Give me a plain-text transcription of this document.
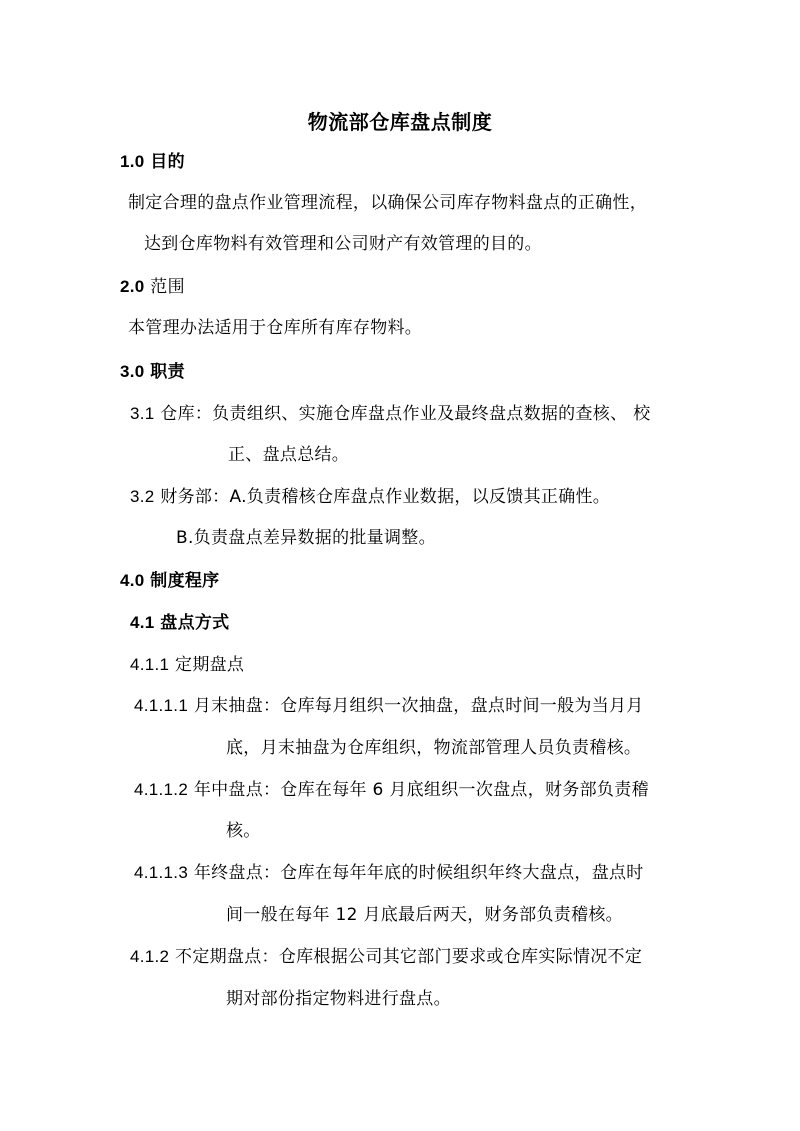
物流部仓库盘点制度
1.0 目的
制定合理的盘点作业管理流程，以确保公司库存物料盘点的正确性，
达到仓库物料有效管理和公司财产有效管理的目的。
2.0 范围
本管理办法适用于仓库所有库存物料。
3.0 职责
3.1 仓库：负责组织、实施仓库盘点作业及最终盘点数据的查核、 校
正、盘点总结。
3.2 财务部：A.负责稽核仓库盘点作业数据，以反馈其正确性。
B.负责盘点差异数据的批量调整。
4.0 制度程序
4.1 盘点方式
4.1.1 定期盘点
4.1.1.1 月末抽盘：仓库每月组织一次抽盘，盘点时间一般为当月月
底，月末抽盘为仓库组织，物流部管理人员负责稽核。
4.1.1.2 年中盘点：仓库在每年 6 月底组织一次盘点，财务部负责稽
核。
4.1.1.3 年终盘点：仓库在每年年底的时候组织年终大盘点，盘点时
间一般在每年 12 月底最后两天，财务部负责稽核。
4.1.2 不定期盘点：仓库根据公司其它部门要求或仓库实际情况不定
期对部份指定物料进行盘点。
